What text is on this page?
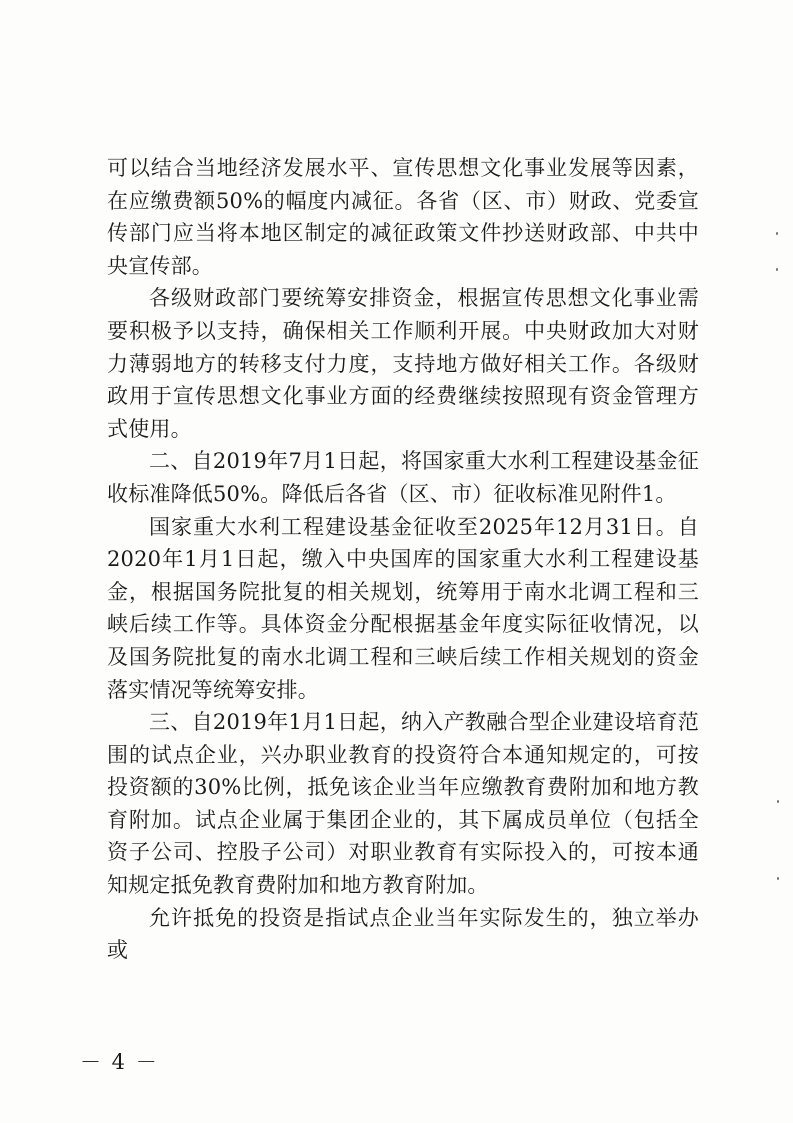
可以结合当地经济发展水平、宣传思想文化事业发展等因素，在应缴费额50%的幅度内减征。各省（区、市）财政、党委宣传部门应当将本地区制定的减征政策文件抄送财政部、中共中央宣传部。

各级财政部门要统筹安排资金，根据宣传思想文化事业需要积极予以支持，确保相关工作顺利开展。中央财政加大对财力薄弱地方的转移支付力度，支持地方做好相关工作。各级财政用于宣传思想文化事业方面的经费继续按照现有资金管理方式使用。

二、自2019年7月1日起，将国家重大水利工程建设基金征收标准降低50%。降低后各省（区、市）征收标准见附件1。

国家重大水利工程建设基金征收至2025年12月31日。自2020年1月1日起，缴入中央国库的国家重大水利工程建设基金，根据国务院批复的相关规划，统筹用于南水北调工程和三峡后续工作等。具体资金分配根据基金年度实际征收情况，以及国务院批复的南水北调工程和三峡后续工作相关规划的资金落实情况等统筹安排。

三、自2019年1月1日起，纳入产教融合型企业建设培育范围的试点企业，兴办职业教育的投资符合本通知规定的，可按投资额的30%比例，抵免该企业当年应缴教育费附加和地方教育附加。试点企业属于集团企业的，其下属成员单位（包括全资子公司、控股子公司）对职业教育有实际投入的，可按本通知规定抵免教育费附加和地方教育附加。

允许抵免的投资是指试点企业当年实际发生的，独立举办或

－ 4 －
